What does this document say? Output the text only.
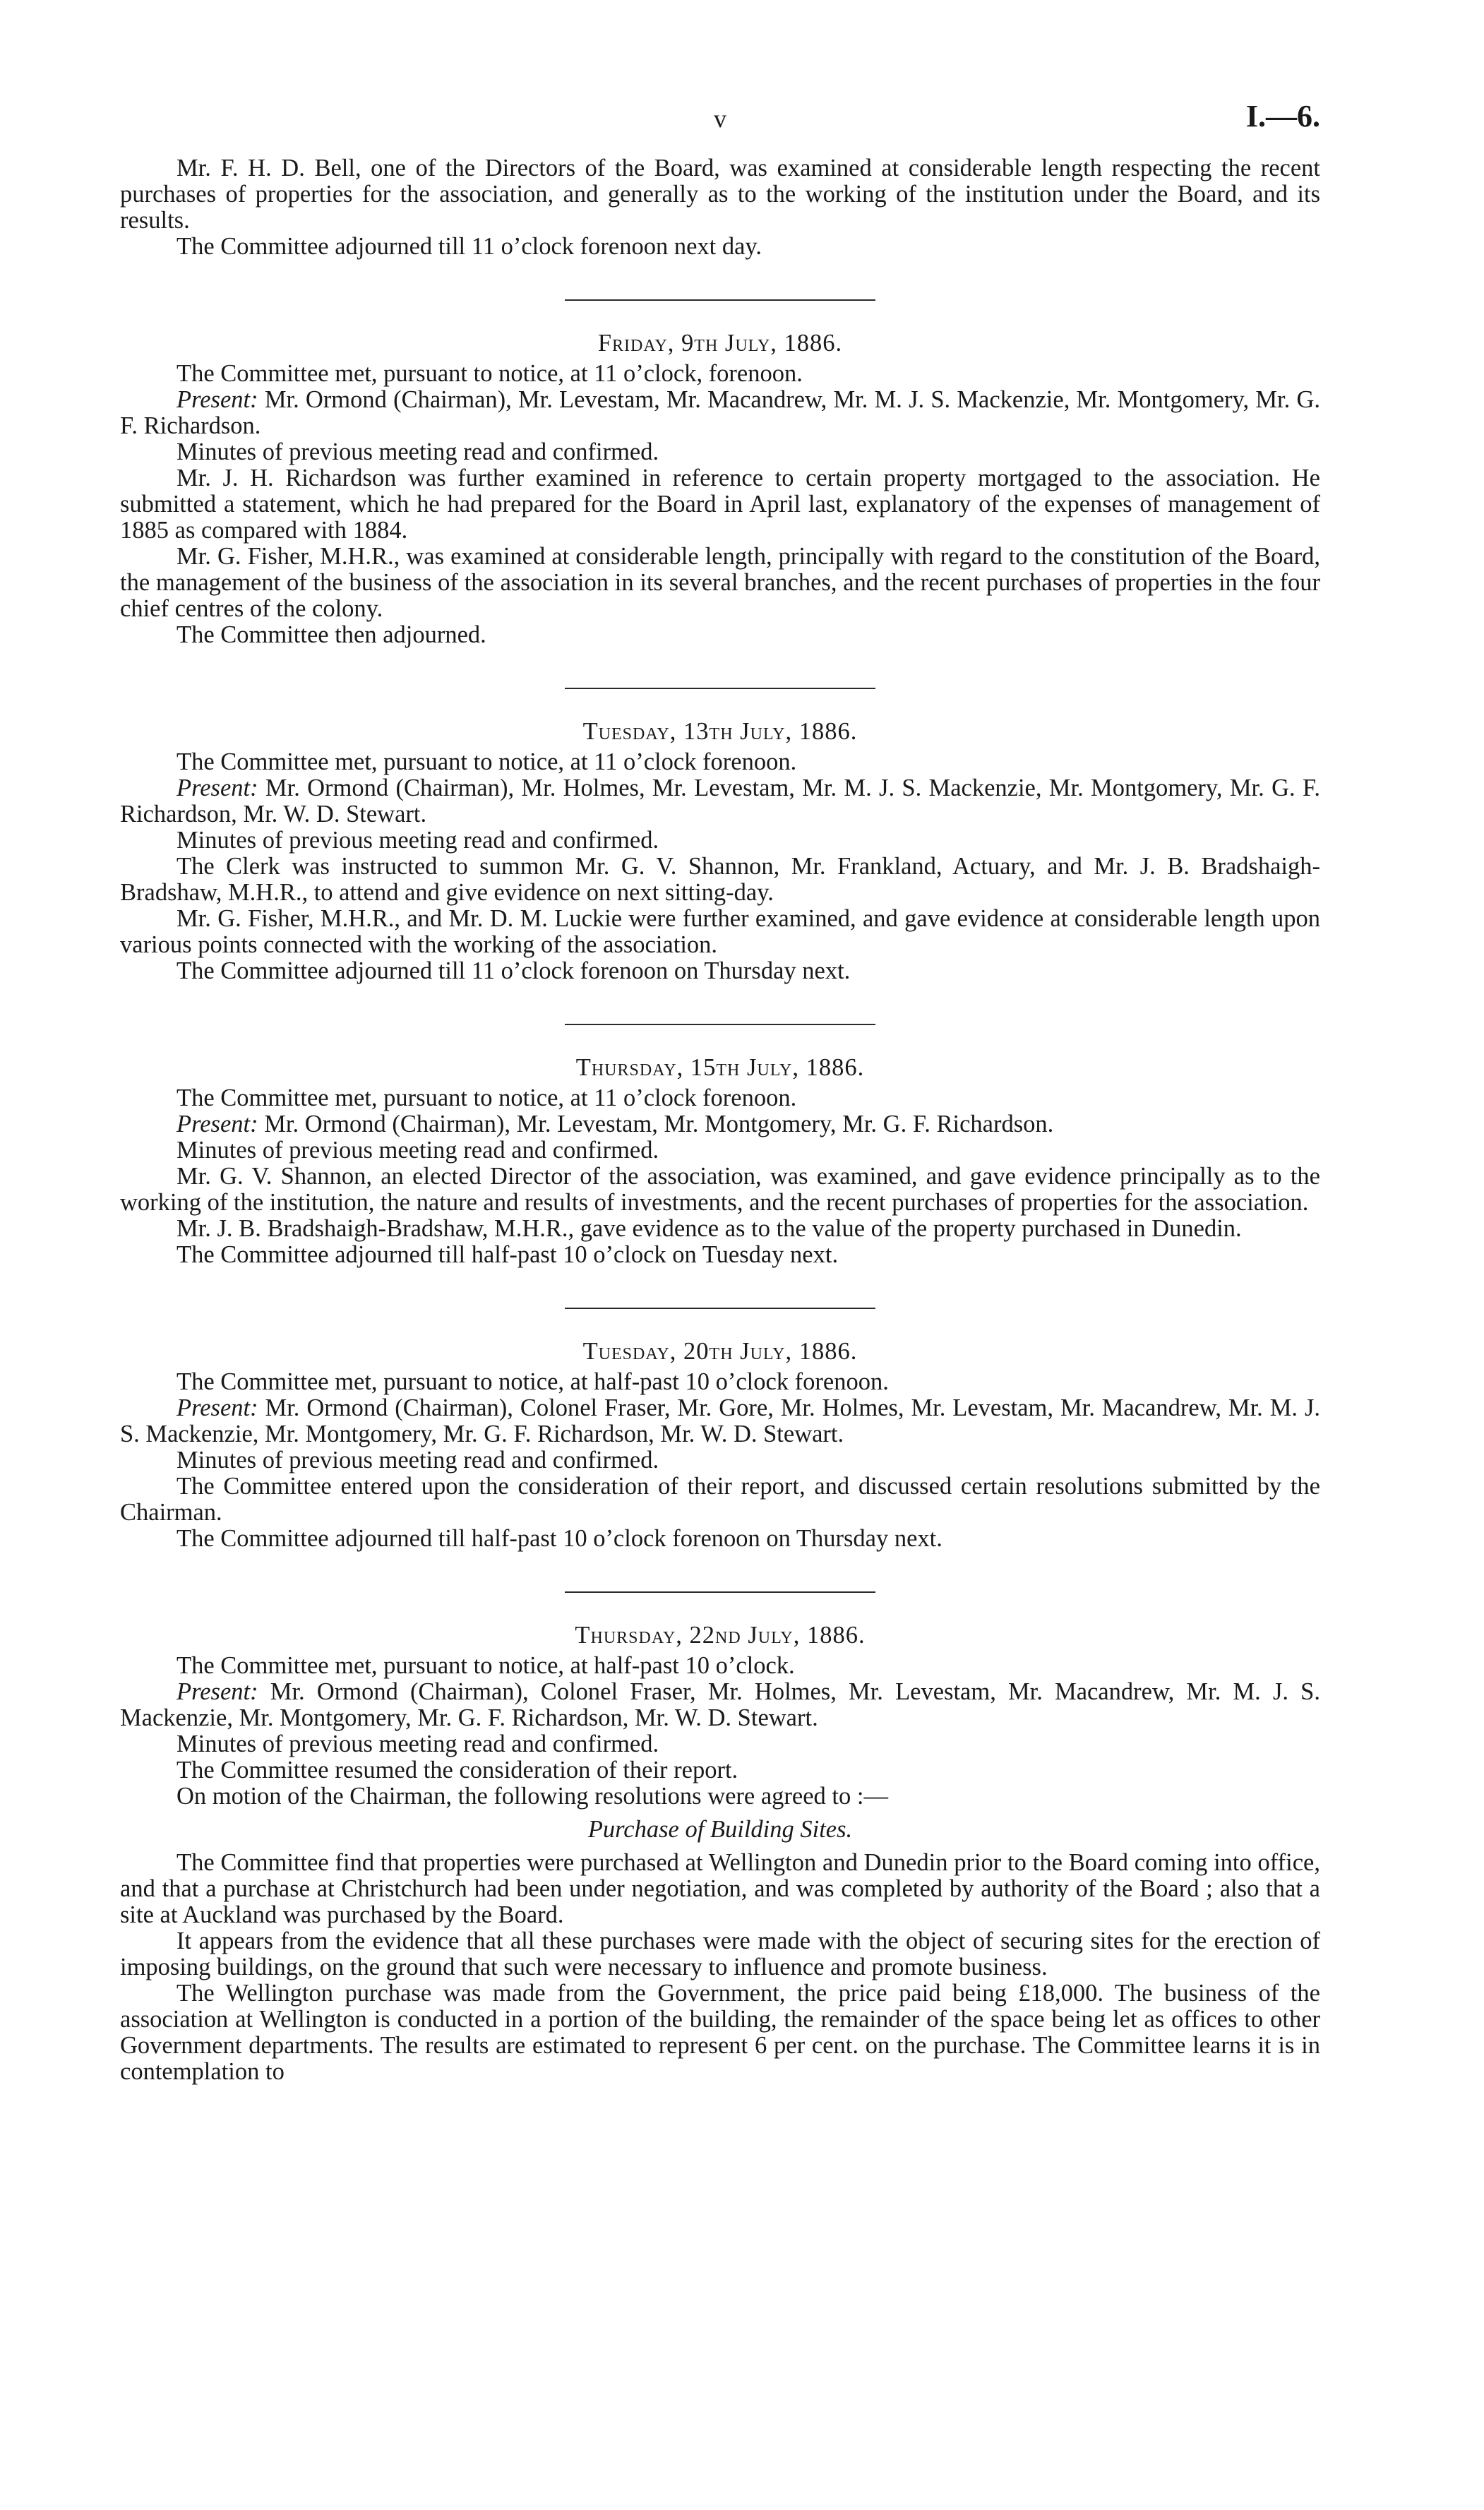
v	I.—6.

Mr. F. H. D. Bell, one of the Directors of the Board, was examined at considerable length respecting the recent purchases of properties for the association, and generally as to the working of the institution under the Board, and its results.

The Committee adjourned till 11 o’clock forenoon next day.

Friday, 9th July, 1886.

The Committee met, pursuant to notice, at 11 o’clock, forenoon.

Present: Mr. Ormond (Chairman), Mr. Levestam, Mr. Macandrew, Mr. M. J. S. Mackenzie, Mr. Montgomery, Mr. G. F. Richardson.

Minutes of previous meeting read and confirmed.

Mr. J. H. Richardson was further examined in reference to certain property mortgaged to the association. He submitted a statement, which he had prepared for the Board in April last, explanatory of the expenses of management of 1885 as compared with 1884.

Mr. G. Fisher, M.H.R., was examined at considerable length, principally with regard to the constitution of the Board, the management of the business of the association in its several branches, and the recent purchases of properties in the four chief centres of the colony.

The Committee then adjourned.

Tuesday, 13th July, 1886.

The Committee met, pursuant to notice, at 11 o’clock forenoon.

Present: Mr. Ormond (Chairman), Mr. Holmes, Mr. Levestam, Mr. M. J. S. Mackenzie, Mr. Montgomery, Mr. G. F. Richardson, Mr. W. D. Stewart.

Minutes of previous meeting read and confirmed.

The Clerk was instructed to summon Mr. G. V. Shannon, Mr. Frankland, Actuary, and Mr. J. B. Bradshaigh-Bradshaw, M.H.R., to attend and give evidence on next sitting-day.

Mr. G. Fisher, M.H.R., and Mr. D. M. Luckie were further examined, and gave evidence at considerable length upon various points connected with the working of the association.

The Committee adjourned till 11 o’clock forenoon on Thursday next.

Thursday, 15th July, 1886.

The Committee met, pursuant to notice, at 11 o’clock forenoon.

Present: Mr. Ormond (Chairman), Mr. Levestam, Mr. Montgomery, Mr. G. F. Richardson.

Minutes of previous meeting read and confirmed.

Mr. G. V. Shannon, an elected Director of the association, was examined, and gave evidence principally as to the working of the institution, the nature and results of investments, and the recent purchases of properties for the association.

Mr. J. B. Bradshaigh-Bradshaw, M.H.R., gave evidence as to the value of the property purchased in Dunedin.

The Committee adjourned till half-past 10 o’clock on Tuesday next.

Tuesday, 20th July, 1886.

The Committee met, pursuant to notice, at half-past 10 o’clock forenoon.

Present: Mr. Ormond (Chairman), Colonel Fraser, Mr. Gore, Mr. Holmes, Mr. Levestam, Mr. Macandrew, Mr. M. J. S. Mackenzie, Mr. Montgomery, Mr. G. F. Richardson, Mr. W. D. Stewart.

Minutes of previous meeting read and confirmed.

The Committee entered upon the consideration of their report, and discussed certain resolutions submitted by the Chairman.

The Committee adjourned till half-past 10 o’clock forenoon on Thursday next.

Thursday, 22nd July, 1886.

The Committee met, pursuant to notice, at half-past 10 o’clock.

Present: Mr. Ormond (Chairman), Colonel Fraser, Mr. Holmes, Mr. Levestam, Mr. Macandrew, Mr. M. J. S. Mackenzie, Mr. Montgomery, Mr. G. F. Richardson, Mr. W. D. Stewart.

Minutes of previous meeting read and confirmed.

The Committee resumed the consideration of their report.

On motion of the Chairman, the following resolutions were agreed to :—

Purchase of Building Sites.

The Committee find that properties were purchased at Wellington and Dunedin prior to the Board coming into office, and that a purchase at Christchurch had been under negotiation, and was completed by authority of the Board ; also that a site at Auckland was purchased by the Board.

It appears from the evidence that all these purchases were made with the object of securing sites for the erection of imposing buildings, on the ground that such were necessary to influence and promote business.

The Wellington purchase was made from the Government, the price paid being £18,000. The business of the association at Wellington is conducted in a portion of the building, the remainder of the space being let as offices to other Government departments. The results are estimated to represent 6 per cent. on the purchase. The Committee learns it is in contemplation to
